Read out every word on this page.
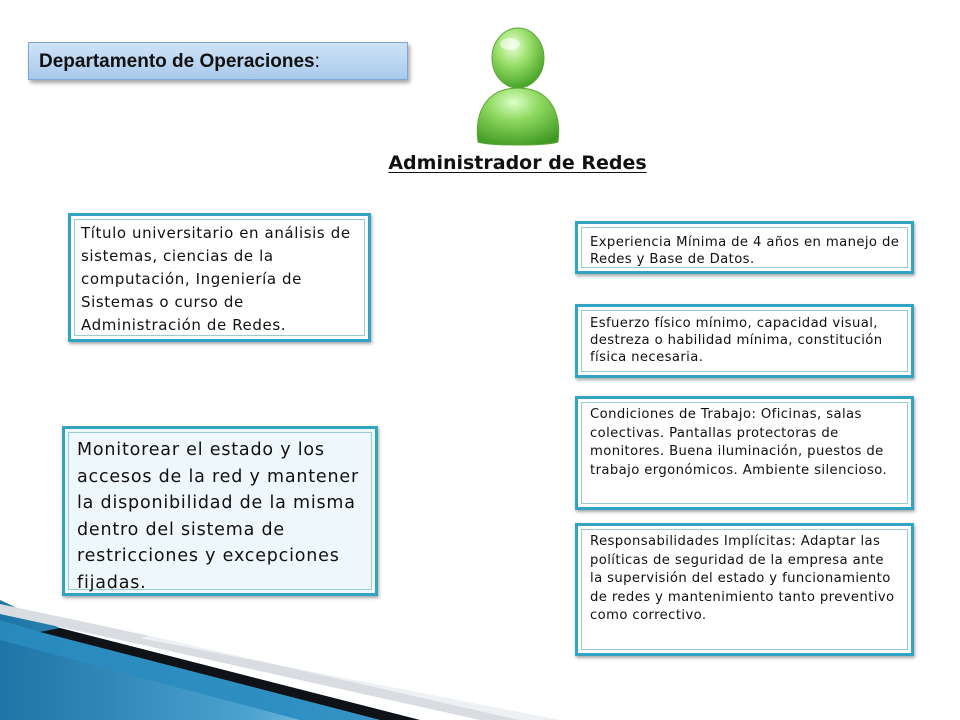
Departamento de Operaciones:
Administrador de Redes
Título universitario en análisis de sistemas, ciencias de la computación, Ingeniería de Sistemas o curso de Administración de Redes.
Monitorear el estado y los accesos de la red y mantener la disponibilidad de la misma dentro del sistema de restricciones y excepciones fijadas.
Experiencia Mínima de 4 años en manejo de Redes y Base de Datos.
Esfuerzo físico mínimo, capacidad visual, destreza o habilidad mínima, constitución física necesaria.
Condiciones de Trabajo: Oficinas, salas colectivas. Pantallas protectoras de monitores. Buena iluminación, puestos de trabajo ergonómicos. Ambiente silencioso.
Responsabilidades Implícitas: Adaptar las políticas de seguridad de la empresa ante la supervisión del estado y funcionamiento de redes y mantenimiento tanto preventivo como correctivo.
